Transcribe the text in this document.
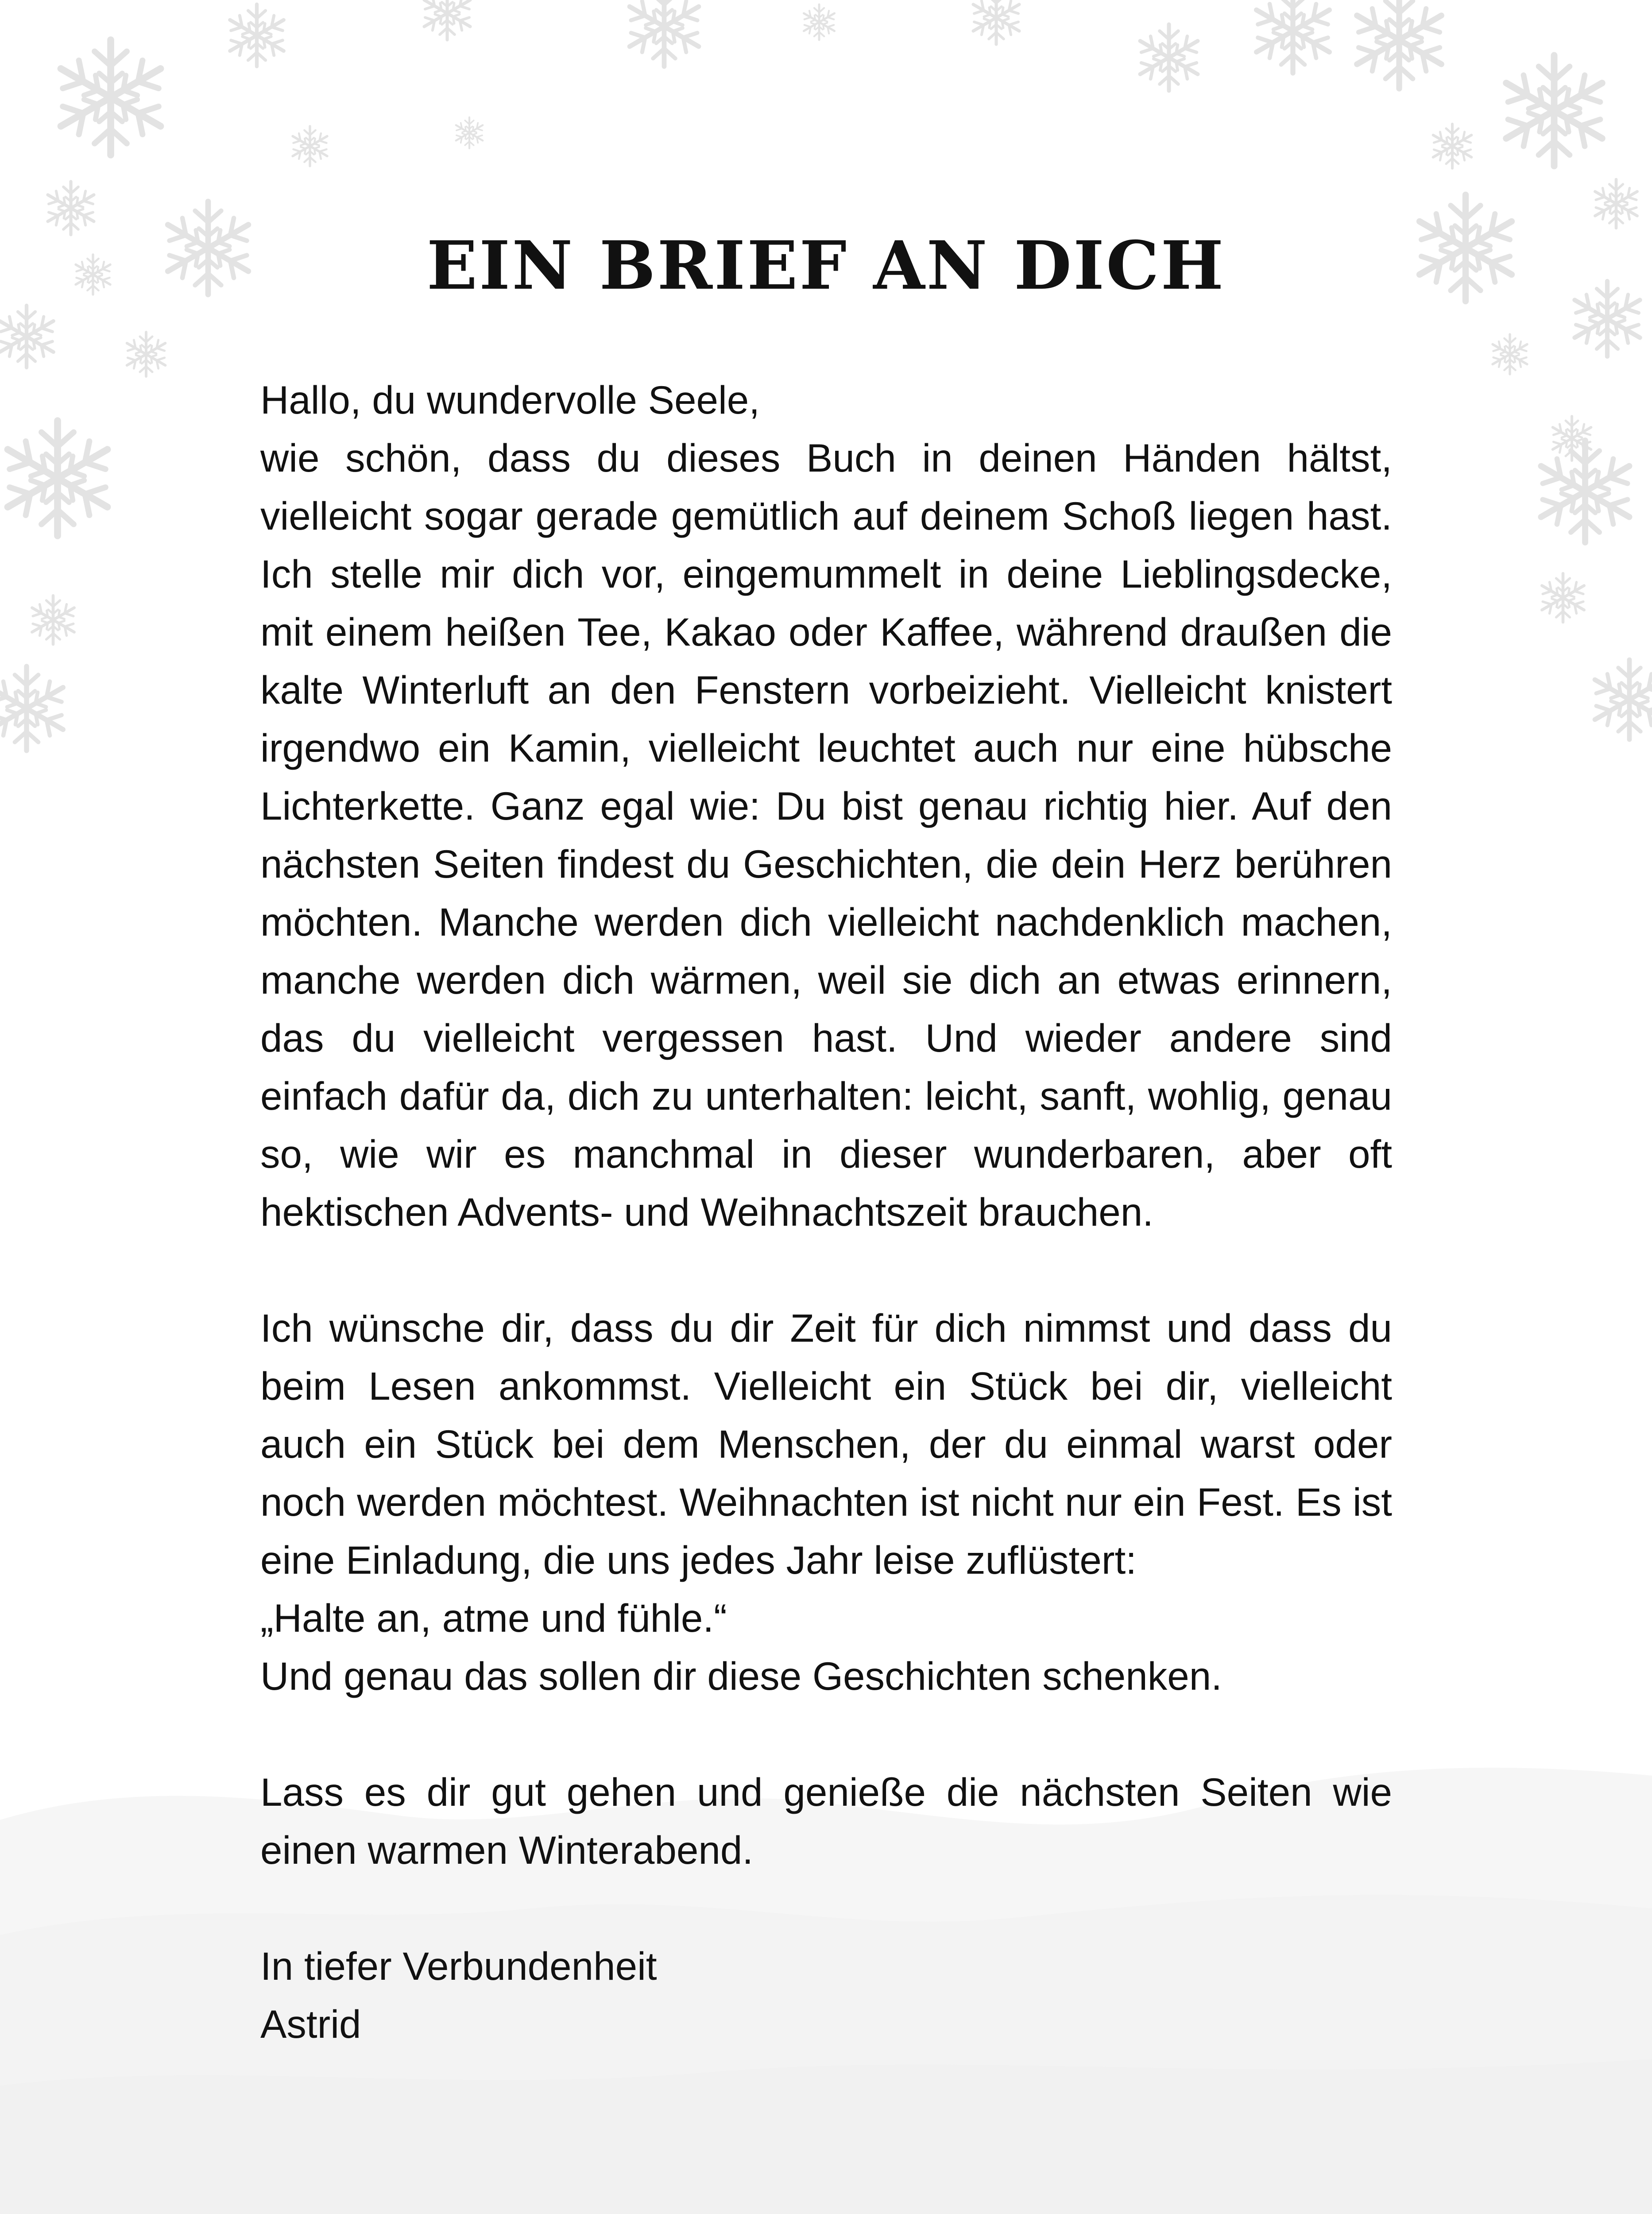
EIN BRIEF AN DICH

Hallo, du wundervolle Seele,

wie schön, dass du dieses Buch in deinen Händen hältst, vielleicht sogar gerade gemütlich auf deinem Schoß liegen hast. Ich stelle mir dich vor, eingemummelt in deine Lieblingsdecke, mit einem heißen Tee, Kakao oder Kaffee, während draußen die kalte Winterluft an den Fenstern vorbeizieht. Vielleicht knistert irgendwo ein Kamin, vielleicht leuchtet auch nur eine hübsche Lichterkette. Ganz egal wie: Du bist genau richtig hier. Auf den nächsten Seiten findest du Geschichten, die dein Herz berühren möchten. Manche werden dich vielleicht nachdenklich machen, manche werden dich wärmen, weil sie dich an etwas erinnern, das du vielleicht vergessen hast. Und wieder andere sind einfach dafür da, dich zu unterhalten: leicht, sanft, wohlig, genau so, wie wir es manchmal in dieser wunderbaren, aber oft hektischen Advents- und Weihnachtszeit brauchen.

Ich wünsche dir, dass du dir Zeit für dich nimmst und dass du beim Lesen ankommst. Vielleicht ein Stück bei dir, vielleicht auch ein Stück bei dem Menschen, der du einmal warst oder noch werden möchtest. Weihnachten ist nicht nur ein Fest. Es ist eine Einladung, die uns jedes Jahr leise zuflüstert:

„Halte an, atme und fühle.“

Und genau das sollen dir diese Geschichten schenken.

Lass es dir gut gehen und genieße die nächsten Seiten wie einen warmen Winterabend.

In tiefer Verbundenheit

Astrid
